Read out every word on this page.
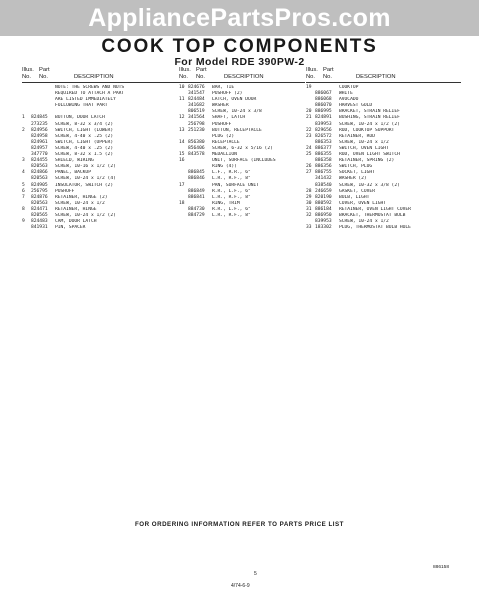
AppliancePartsPros.com
COOK TOP COMPONENTS
For Model RDE 390PW-2
Illus. Part
No. No.	DESCRIPTION
NOTE: THE SCREWS AND NUTS
REQUIRED TO ATTACH A PART
ARE LISTED IMMEDIATELY
FOLLOWING THAT PART
1	824845	BUTTON, DOOR LATCH
273235	SCREW, 8-32 x 3/4 (2)
2	824956	SWITCH, LIGHT (LOWER)
824958	SCREW, 4-40 x .25 (2)
824961	SWITCH, LIGHT (UPPER)
824957	SCREW, 4-40 x .25 (2)
347770	SCREW, 8-32 x 1.5 (2)
3	824455	SHIELD, WIRING
820563	SCREW, 10-16 x 1/2 (2)
4	824866	PANEL, BACKUP
820563	SCREW, 10-24 x 1/2 (4)
5	824905	INSULATOR, SWITCH (2)
6	256795	PUSHOFF
7	824876	RETAINER, HINGE (2)
820563	SCREW, 10-24 x 1/2
8	824471	RETAINER, HINGE
820565	SCREW, 10-24 x 1/2 (2)
9	824483	CAM, DOOR LATCH
841931	PIN, SPACER
Illus. Part
No. No.	DESCRIPTION
10 824676	BAR, TIE
341547	PUSHOFF (2)
11 824484	LATCH, OVEN DOOR
341682	WASHER
806519	SCREW, 10-24 x 3/8
12 341564	SHAFT, LATCH
256798	PUSHOFF
13 251230	BUTTON, RECEPTACLE
PLUG (2)
14 856380	RECEPTACLE
856406	SCREW, 6-32 x 5/16 (2)
15 843578	MEDALLION
16	UNIT, SURFACE (INCLUDES
RING (4))
886845	L.F., R.R., 6"
886846	L.R., R.F., 8"
17	PAN, SURFACE UNIT
886849	R.R., L.F., 6"
886841	L.R., R.F., 8"
18	RING, TRIM
884730	R.R., L.F., 6"
884729	L.R., R.F., 8"
Illus. Part
No. No.	DESCRIPTION
19	COOKTOP
886067	WHITE
886068	AVOCADO
886070	HARVEST GOLD
20 886995	BRACKET, STRAIN RELIEF
21 824891	BUSHING, STRAIN RELIEF
839953	SCREW, 10-24 x 1/2 (2)
22 829656	ROD, COOKTOP SUPPORT
23 826572	RETAINER, ROD
886353	SCREW, 10-24 x 1/2
24 886377	SWITCH, OVEN LIGHT
25 886355	ROD, OVEN LIGHT SWITCH
886358	RETAINER, SPRING (2)
26 886356	SWITCH, PLUG
27 886755	SOCKET, LIGHT
341432	WASHER (2)
838540	SCREW, 10-32 x 3/8 (2)
28 246659	GASKET, COVER
29 820190	BULB, LIGHT
30 880592	COVER, OVEN LIGHT
31 886184	RETAINER, OVEN LIGHT COVER
32 886950	BRACKET, THERMOSTAT BULB
839953	SCREW, 10-24 x 1/2
33 183302	PLUG, THERMOSTAT BULB HOLE
FOR ORDERING INFORMATION REFER TO PARTS PRICE LIST
5
4/74-6-9
886158
